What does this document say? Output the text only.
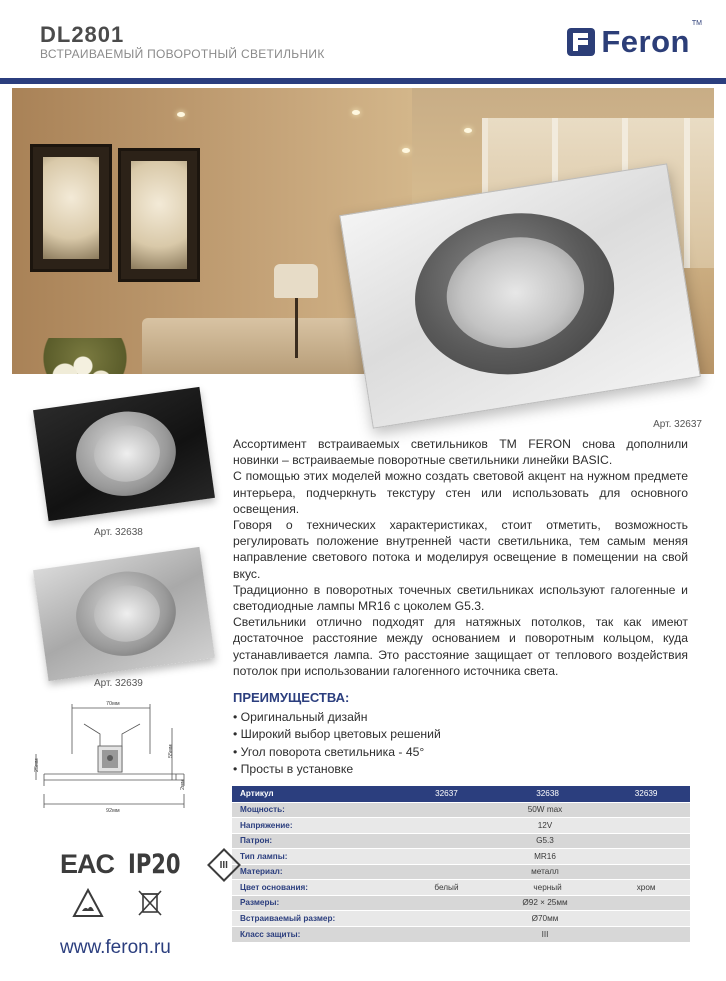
DL2801
ВСТРАИВАЕМЫЙ ПОВОРОТНЫЙ СВЕТИЛЬНИК	Feron
TM
Арт. 32637
Арт. 32638
Арт. 32639

Ассортимент встраиваемых светильников ТМ FERON снова дополнили новинки – встраиваемые поворотные светильники линейки BASIC.

С помощью этих моделей можно создать световой акцент на нужном предмете интерьера, подчеркнуть текстуру стен или использовать для основного освещения.

Говоря о технических характеристиках, стоит отметить, возможность регулировать положение внутренней части светильника, тем самым меняя направление светового потока и моделируя освещение в помещении на свой вкус.

Традиционно в поворотных точечных светильниках используют галогенные и светодиодные лампы MR16 с цоколем G5.3.

Светильники отлично подходят для натяжных потолков, так как имеют достаточное расстояние между основанием и поворотным кольцом, куда устанавливается лампа. Это расстояние защищает от теплового воздействия потолок при использовании галогенного источника света.

ПРЕИМУЩЕСТВА:
• Оригинальный дизайн
• Широкий выбор цветовых решений
• Угол поворота светильника - 45°
• Просты в установке
70мм
92мм
25мм
55мм
2мм
Артикул	32637	32638	32639
Мощность:	50W max		
Напряжение:	12V		
Патрон:	G5.3		
Тип лампы:	MR16		
Материал:	металл		
Цвет основания:	белый	черный	хром
Размеры:	Ø92 × 25мм		
Встраиваемый размер:	Ø70мм		
Класс защиты:	III		
EAC IP20	III
www.feron.ru
